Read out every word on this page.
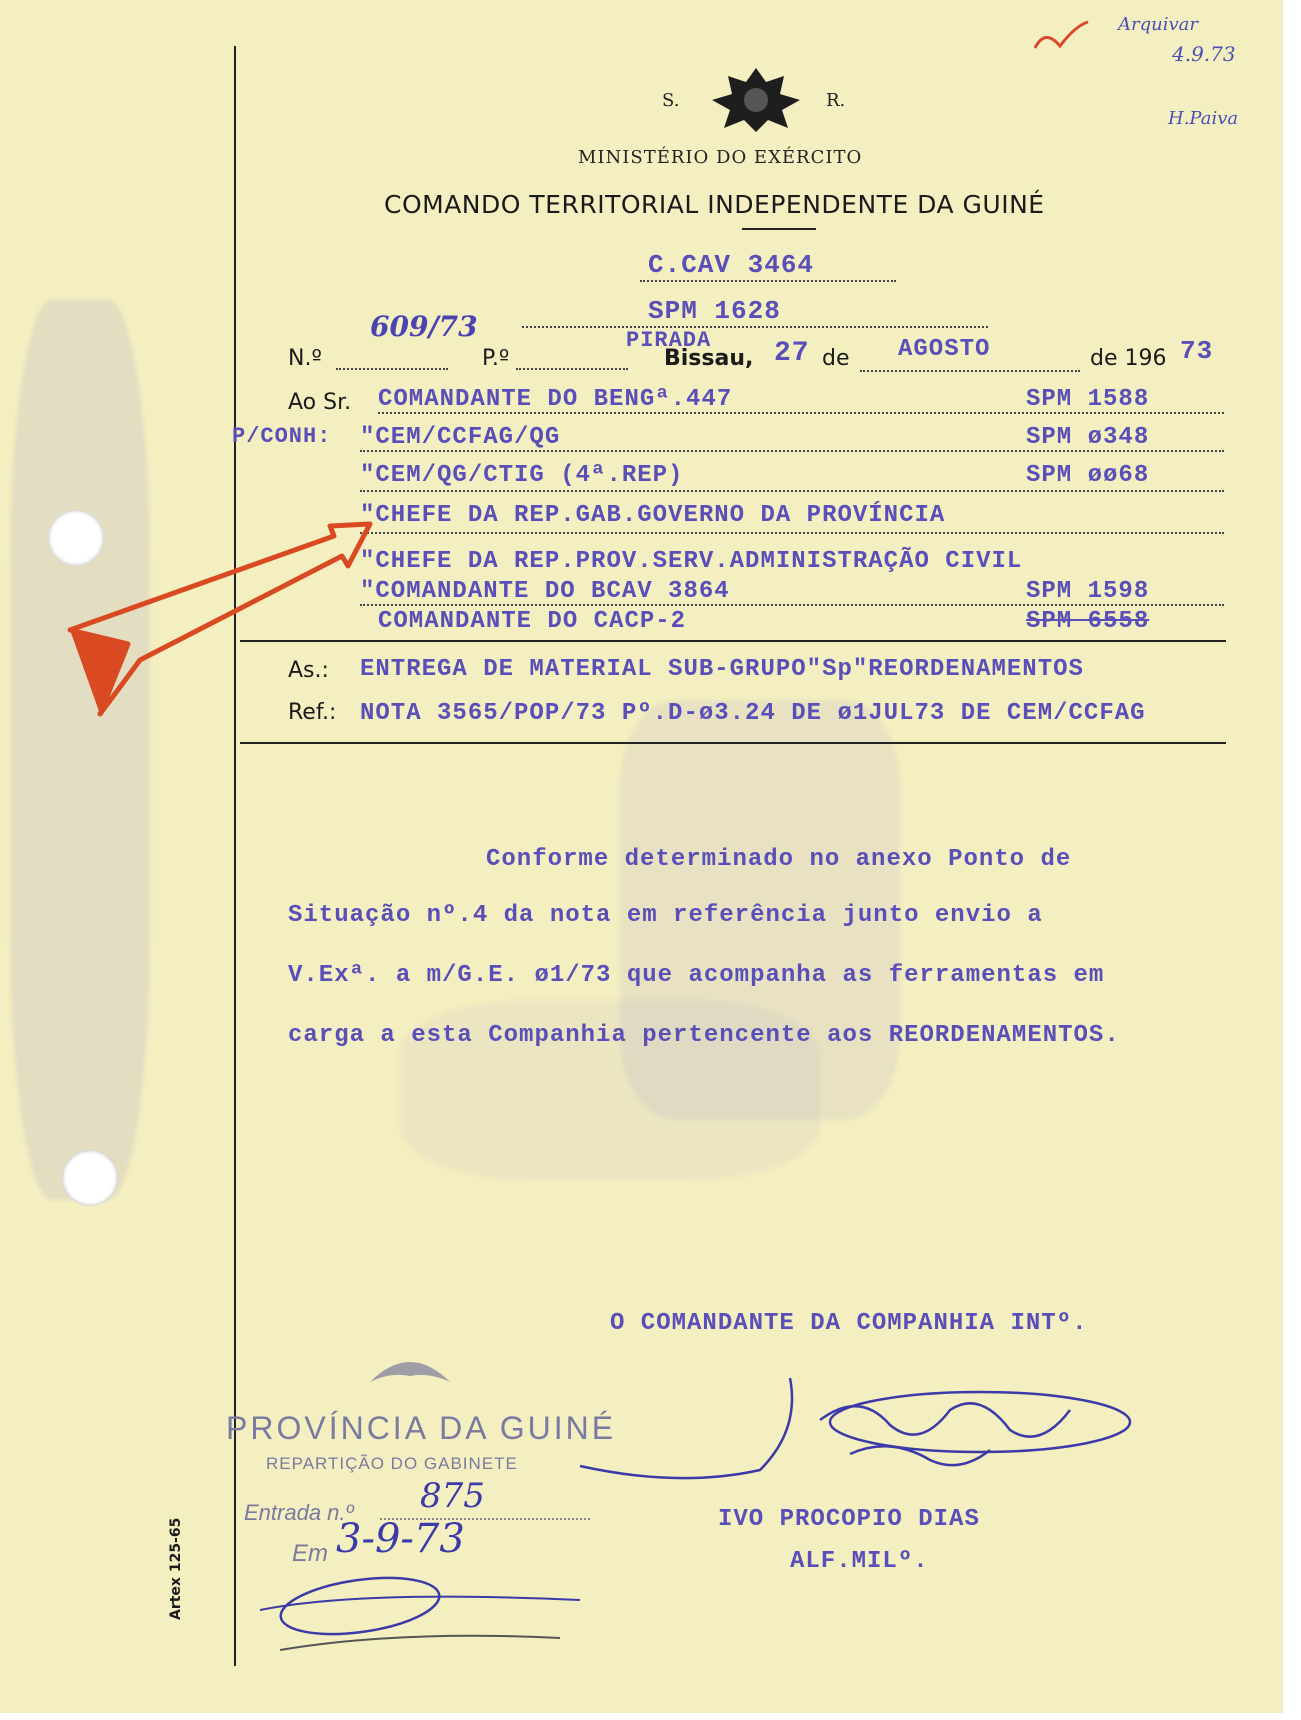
Artex 125-65
Arquivar
4.9.73
H.Paiva
S.	R.
MINISTÉRIO DO EXÉRCITO
COMANDO TERRITORIAL INDEPENDENTE DA GUINÉ
C.CAV 3464
SPM 1628
N.º
609/73
P.º
PIRADA
Bissau, 27 de AGOSTO	de 196 73
Ao Sr.
P/CONH:
COMANDANTE DO BENGª.447	SPM 1588
"CEM/CCFAG/QG	SPM ø348
"CEM/QG/CTIG (4ª.REP)	SPM øø68
"CHEFE DA REP.GAB.GOVERNO DA PROVÍNCIA
"CHEFE DA REP.PROV.SERV.ADMINISTRAÇÃO CIVIL
"COMANDANTE DO BCAV 3864	SPM 1598
COMANDANTE DO CACP-2	SPM 6558
As.: ENTREGA DE MATERIAL SUB-GRUPO"Sp"REORDENAMENTOS
Ref.: NOTA 3565/POP/73 Pº.D-ø3.24 DE ø1JUL73 DE CEM/CCFAG
Conforme determinado no anexo Ponto de
Situação nº.4 da nota em referência junto envio a
V.Exª. a m/G.E. ø1/73 que acompanha as ferramentas em
carga a esta Companhia pertencente aos REORDENAMENTOS.
O COMANDANTE DA COMPANHIA INTº.
IVO PROCOPIO DIAS
ALF.MILº.
PROVÍNCIA DA GUINÉ
REPARTIÇÃO DO GABINETE
Entrada n.º 875
Em 3-9-73
